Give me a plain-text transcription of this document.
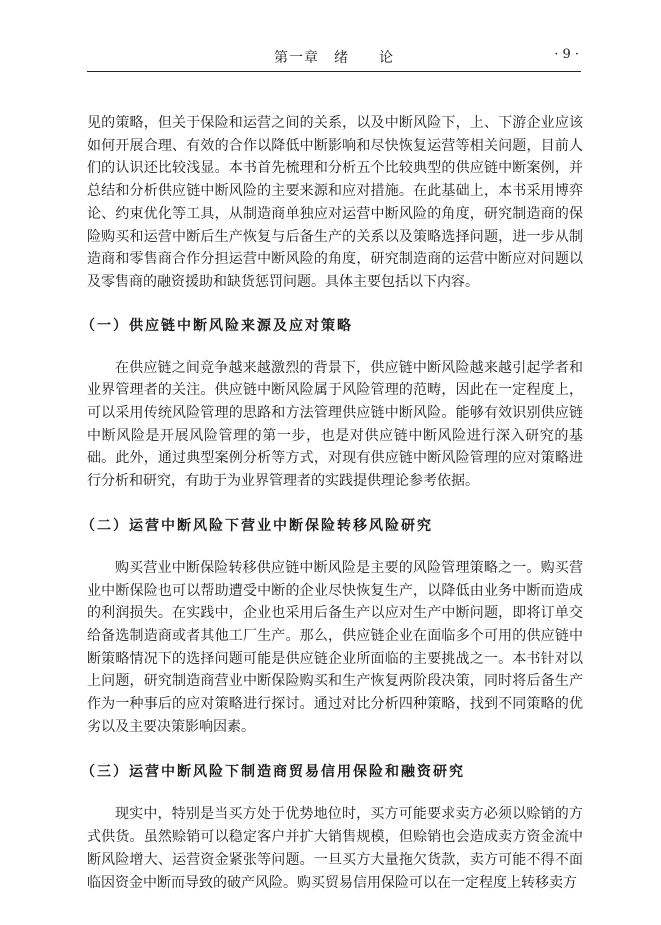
第一章　绪　　论	· 9 ·

见的策略，但关于保险和运营之间的关系，以及中断风险下，上、下游企业应该如何开展合理、有效的合作以降低中断影响和尽快恢复运营等相关问题，目前人们的认识还比较浅显。本书首先梳理和分析五个比较典型的供应链中断案例，并总结和分析供应链中断风险的主要来源和应对措施。在此基础上，本书采用博弈论、约束优化等工具，从制造商单独应对运营中断风险的角度，研究制造商的保险购买和运营中断后生产恢复与后备生产的关系以及策略选择问题，进一步从制造商和零售商合作分担运营中断风险的角度，研究制造商的运营中断应对问题以及零售商的融资援助和缺货惩罚问题。具体主要包括以下内容。

（一）供应链中断风险来源及应对策略

在供应链之间竞争越来越激烈的背景下，供应链中断风险越来越引起学者和业界管理者的关注。供应链中断风险属于风险管理的范畴，因此在一定程度上，可以采用传统风险管理的思路和方法管理供应链中断风险。能够有效识别供应链中断风险是开展风险管理的第一步，也是对供应链中断风险进行深入研究的基础。此外，通过典型案例分析等方式，对现有供应链中断风险管理的应对策略进行分析和研究，有助于为业界管理者的实践提供理论参考依据。

（二）运营中断风险下营业中断保险转移风险研究

购买营业中断保险转移供应链中断风险是主要的风险管理策略之一。购买营业中断保险也可以帮助遭受中断的企业尽快恢复生产，以降低由业务中断而造成的利润损失。在实践中，企业也采用后备生产以应对生产中断问题，即将订单交给备选制造商或者其他工厂生产。那么，供应链企业在面临多个可用的供应链中断策略情况下的选择问题可能是供应链企业所面临的主要挑战之一。本书针对以上问题，研究制造商营业中断保险购买和生产恢复两阶段决策，同时将后备生产作为一种事后的应对策略进行探讨。通过对比分析四种策略，找到不同策略的优劣以及主要决策影响因素。

（三）运营中断风险下制造商贸易信用保险和融资研究

现实中，特别是当买方处于优势地位时，买方可能要求卖方必须以赊销的方式供货。虽然赊销可以稳定客户并扩大销售规模，但赊销也会造成卖方资金流中断风险增大、运营资金紧张等问题。一旦买方大量拖欠货款，卖方可能不得不面临因资金中断而导致的破产风险。购买贸易信用保险可以在一定程度上转移卖方
